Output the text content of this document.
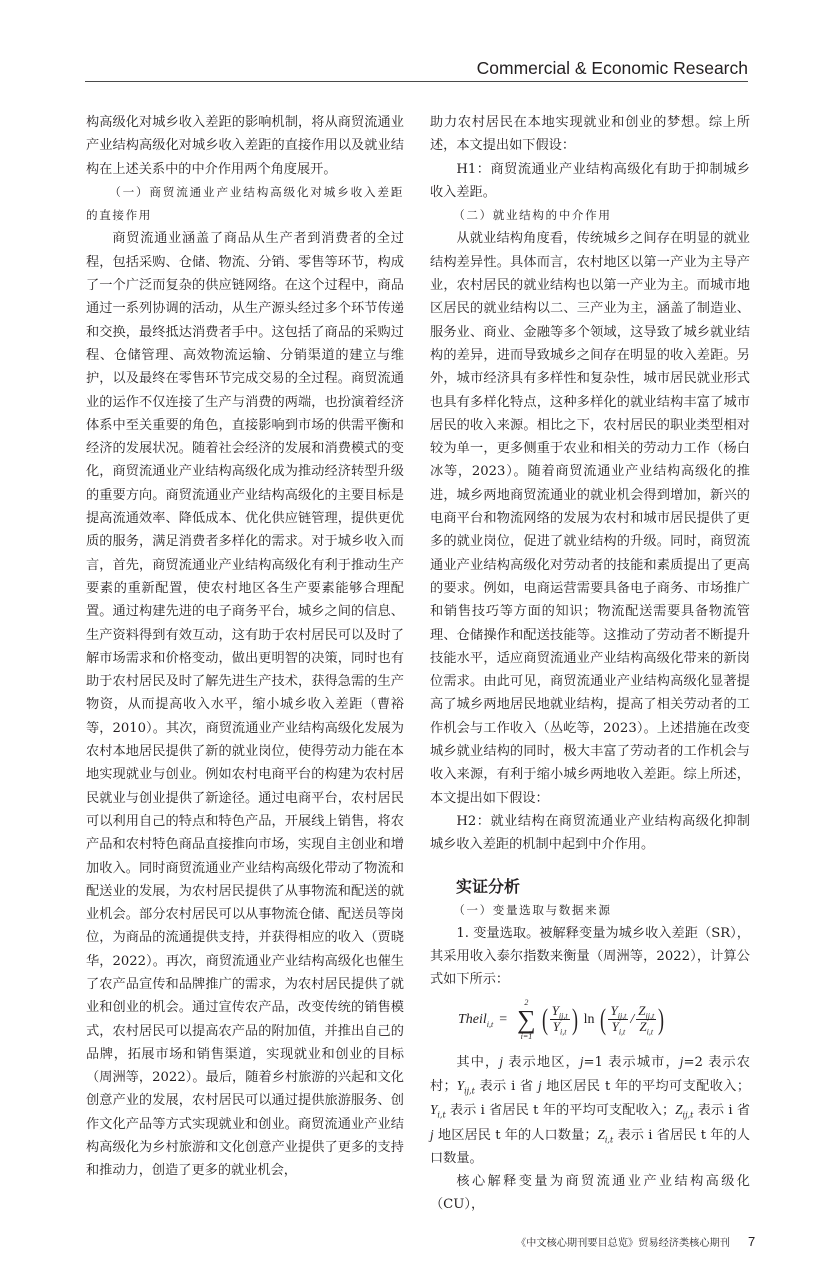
Commercial & Economic Research

构高级化对城乡收入差距的影响机制，将从商贸流通业产业结构高级化对城乡收入差距的直接作用以及就业结构在上述关系中的中介作用两个角度展开。

（一）商贸流通业产业结构高级化对城乡收入差距的直接作用

商贸流通业涵盖了商品从生产者到消费者的全过程，包括采购、仓储、物流、分销、零售等环节，构成了一个广泛而复杂的供应链网络。在这个过程中，商品通过一系列协调的活动，从生产源头经过多个环节传递和交换，最终抵达消费者手中。这包括了商品的采购过程、仓储管理、高效物流运输、分销渠道的建立与维护，以及最终在零售环节完成交易的全过程。商贸流通业的运作不仅连接了生产与消费的两端，也扮演着经济体系中至关重要的角色，直接影响到市场的供需平衡和经济的发展状况。随着社会经济的发展和消费模式的变化，商贸流通业产业结构高级化成为推动经济转型升级的重要方向。商贸流通业产业结构高级化的主要目标是提高流通效率、降低成本、优化供应链管理，提供更优质的服务，满足消费者多样化的需求。对于城乡收入而言，首先，商贸流通业产业结构高级化有利于推动生产要素的重新配置，使农村地区各生产要素能够合理配置。通过构建先进的电子商务平台，城乡之间的信息、生产资料得到有效互动，这有助于农村居民可以及时了解市场需求和价格变动，做出更明智的决策，同时也有助于农村居民及时了解先进生产技术，获得急需的生产物资，从而提高收入水平，缩小城乡收入差距（曹裕等，2010）。其次，商贸流通业产业结构高级化发展为农村本地居民提供了新的就业岗位，使得劳动力能在本地实现就业与创业。例如农村电商平台的构建为农村居民就业与创业提供了新途径。通过电商平台，农村居民可以利用自己的特点和特色产品，开展线上销售，将农产品和农村特色商品直接推向市场，实现自主创业和增加收入。同时商贸流通业产业结构高级化带动了物流和配送业的发展，为农村居民提供了从事物流和配送的就业机会。部分农村居民可以从事物流仓储、配送员等岗位，为商品的流通提供支持，并获得相应的收入（贾晓华，2022）。再次，商贸流通业产业结构高级化也催生了农产品宣传和品牌推广的需求，为农村居民提供了就业和创业的机会。通过宣传农产品，改变传统的销售模式，农村居民可以提高农产品的附加值，并推出自己的品牌，拓展市场和销售渠道，实现就业和创业的目标（周洲等，2022）。最后，随着乡村旅游的兴起和文化创意产业的发展，农村居民可以通过提供旅游服务、创作文化产品等方式实现就业和创业。商贸流通业产业结构高级化为乡村旅游和文化创意产业提供了更多的支持和推动力，创造了更多的就业机会，

助力农村居民在本地实现就业和创业的梦想。综上所述，本文提出如下假设：

H1：商贸流通业产业结构高级化有助于抑制城乡收入差距。

（二）就业结构的中介作用

从就业结构角度看，传统城乡之间存在明显的就业结构差异性。具体而言，农村地区以第一产业为主导产业，农村居民的就业结构也以第一产业为主。而城市地区居民的就业结构以二、三产业为主，涵盖了制造业、服务业、商业、金融等多个领域，这导致了城乡就业结构的差异，进而导致城乡之间存在明显的收入差距。另外，城市经济具有多样性和复杂性，城市居民就业形式也具有多样化特点，这种多样化的就业结构丰富了城市居民的收入来源。相比之下，农村居民的职业类型相对较为单一，更多侧重于农业和相关的劳动力工作（杨白冰等，2023）。随着商贸流通业产业结构高级化的推进，城乡两地商贸流通业的就业机会得到增加，新兴的电商平台和物流网络的发展为农村和城市居民提供了更多的就业岗位，促进了就业结构的升级。同时，商贸流通业产业结构高级化对劳动者的技能和素质提出了更高的要求。例如，电商运营需要具备电子商务、市场推广和销售技巧等方面的知识；物流配送需要具备物流管理、仓储操作和配送技能等。这推动了劳动者不断提升技能水平，适应商贸流通业产业结构高级化带来的新岗位需求。由此可见，商贸流通业产业结构高级化显著提高了城乡两地居民地就业结构，提高了相关劳动者的工作机会与工作收入（丛屹等，2023）。上述措施在改变城乡就业结构的同时，极大丰富了劳动者的工作机会与收入来源，有利于缩小城乡两地收入差距。综上所述，本文提出如下假设：

H2：就业结构在商贸流通业产业结构高级化抑制城乡收入差距的机制中起到中介作用。

实证分析

（一）变量选取与数据来源

1. 变量选取。被解释变量为城乡收入差距（SR），其采用收入泰尔指数来衡量（周洲等，2022），计算公式如下所示：

Theil$_{i,t}$ =
2
∑
i=1
( $\frac{Y_{ij,t}}{Y_{i,t}}$ ) ln ( $\frac{Y_{ij,t}}{Y_{i,t}} / \frac{Z_{ij,t}}{Z_{i,t}}$ )

其中，j 表示地区，j=1 表示城市，j=2 表示农村；$Y_{ij,t}$ 表示 i 省 j 地区居民 t 年的平均可支配收入；$Y_{i,t}$ 表示 i 省居民 t 年的平均可支配收入；$Z_{ij,t}$ 表示 i 省 j 地区居民 t 年的人口数量；$Z_{i,t}$ 表示 i 省居民 t 年的人口数量。

核心解释变量为商贸流通业产业结构高级化（CU），

《中文核心期刊要目总览》贸易经济类核心期刊 7
